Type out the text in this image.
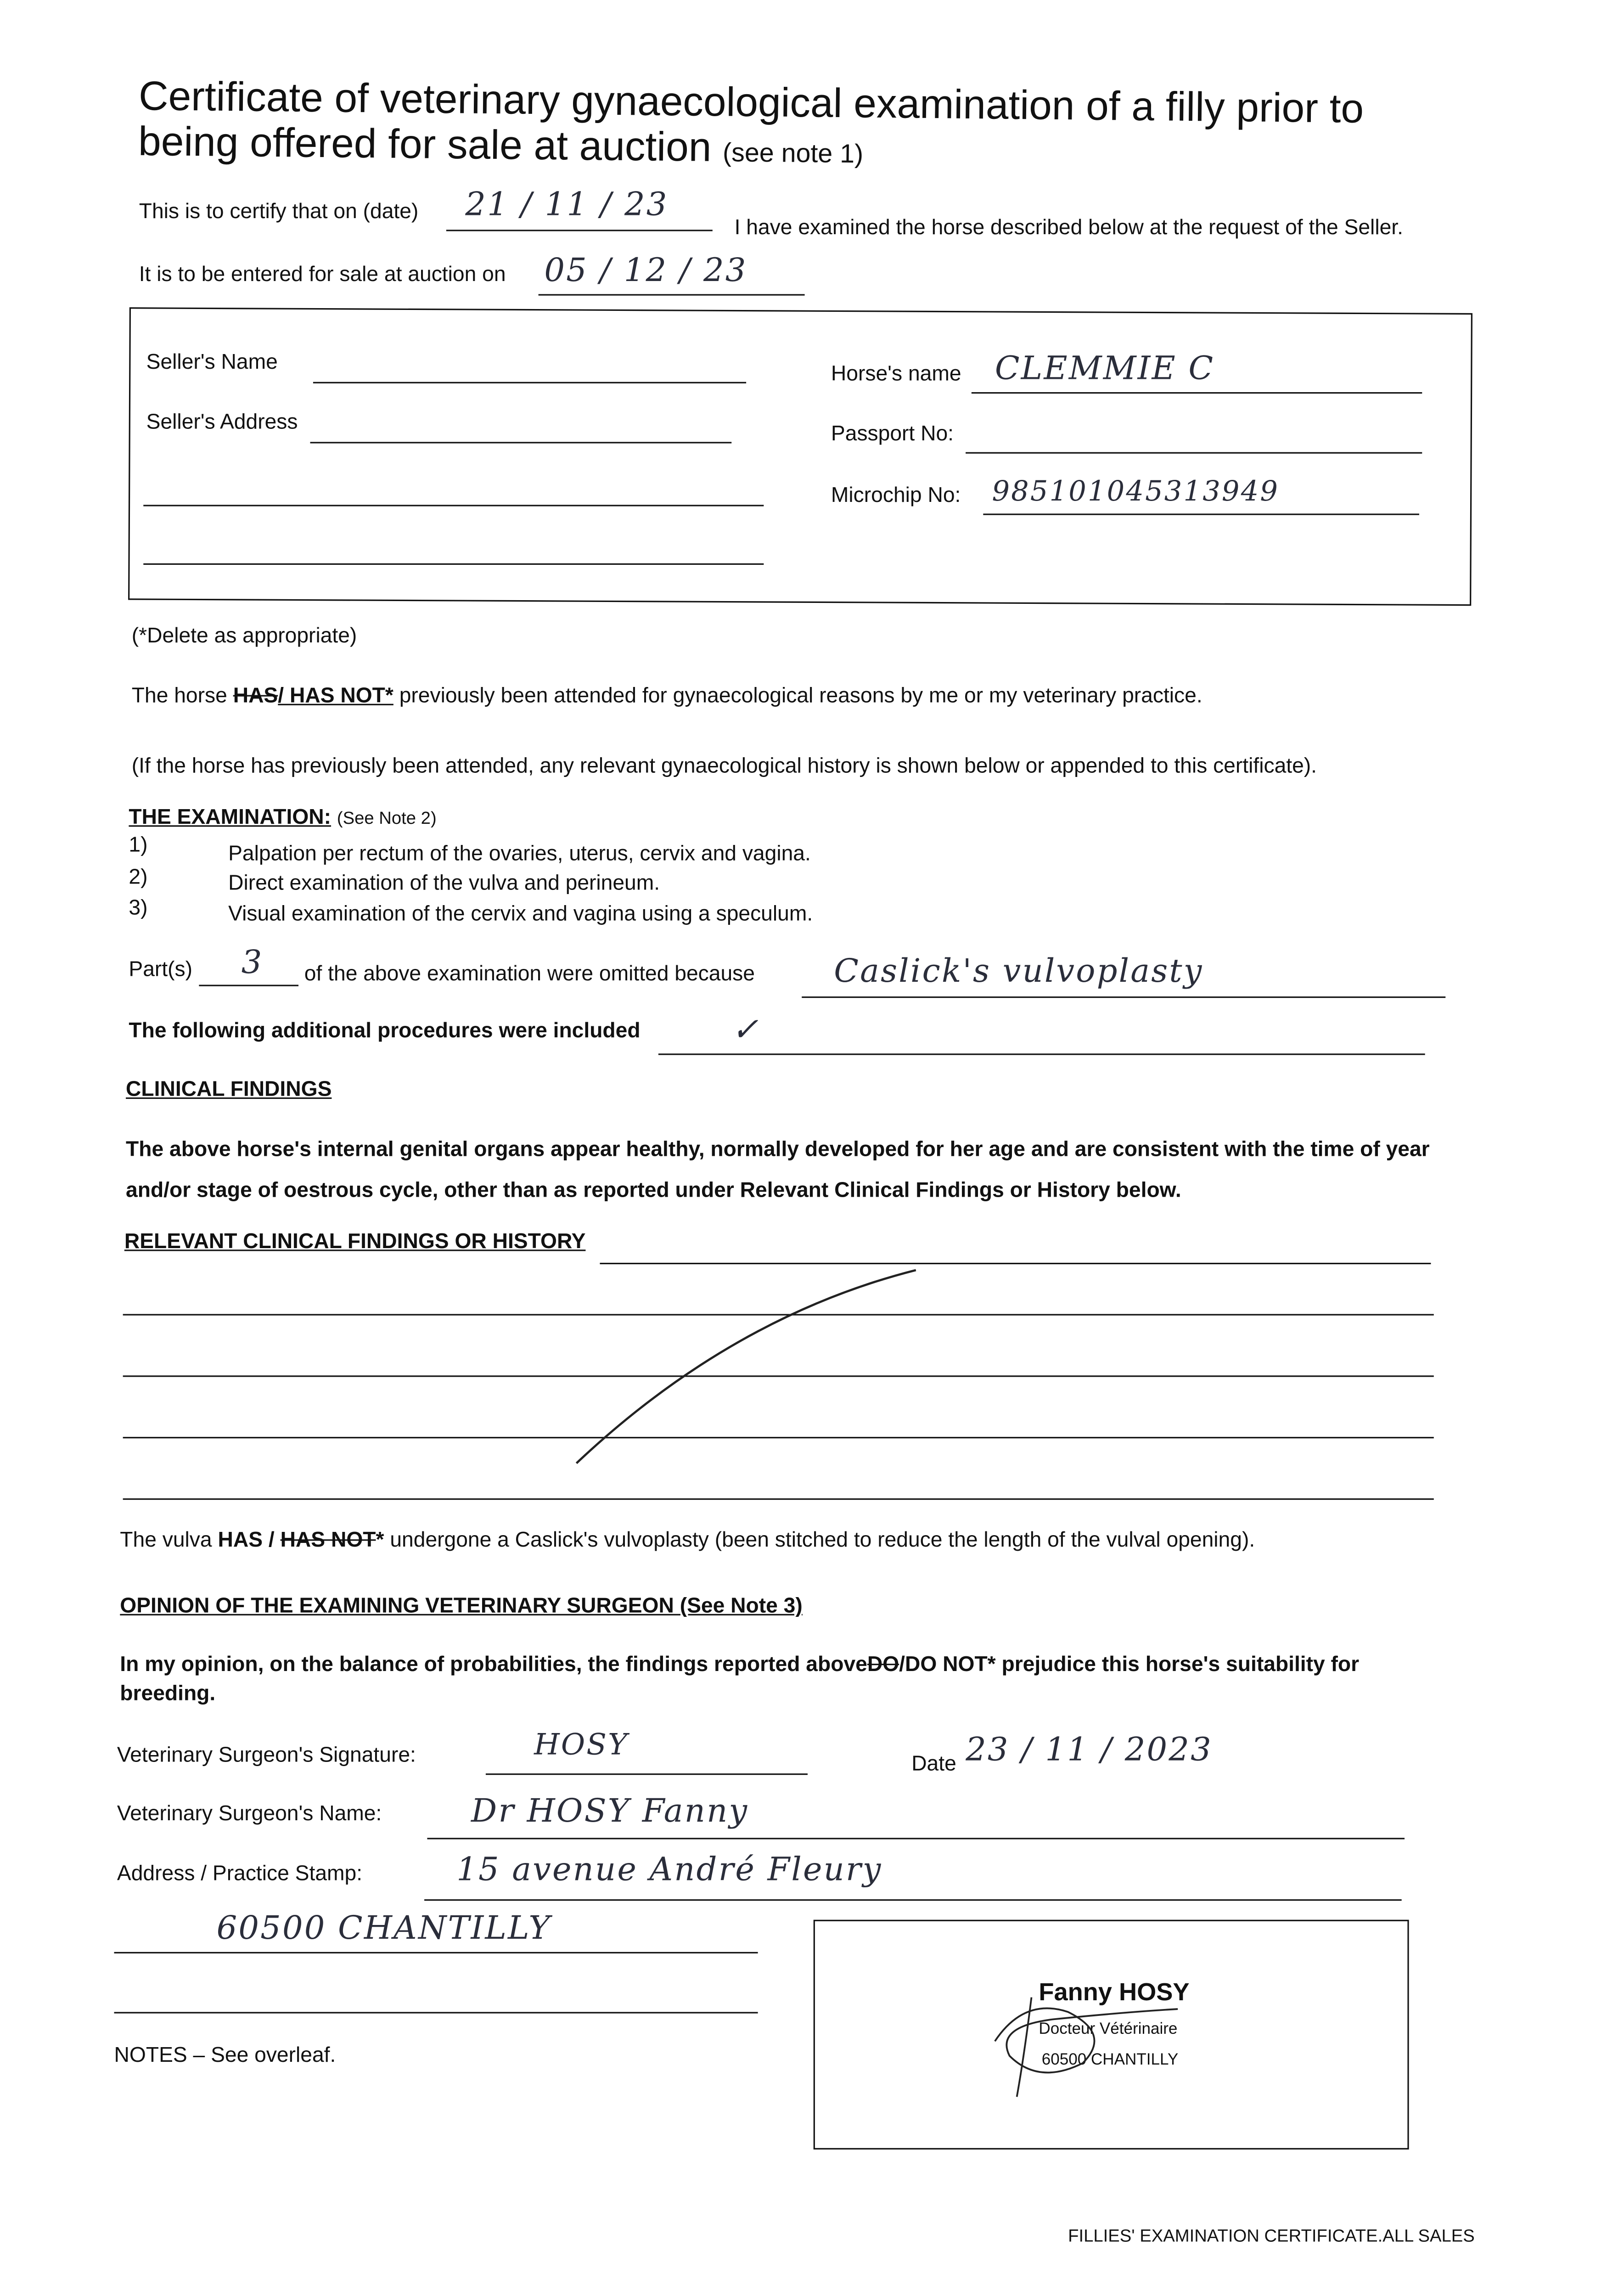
Certificate of veterinary gynaecological examination of a filly prior to
being offered for sale at auction (see note 1)
This is to certify that on (date)	21 / 11 / 23
I have examined the horse described below at the request of the Seller.
It is to be entered for sale at auction on	05 / 12 / 23
Seller's Name
Seller's Address
Horse's name	CLEMMIE C
Passport No:
Microchip No:	985101045313949
(*Delete as appropriate)
The horse HAS/ HAS NOT* previously been attended for gynaecological reasons by me or my veterinary practice.
(If the horse has previously been attended, any relevant gynaecological history is shown below or appended to this certificate).
THE EXAMINATION: (See Note 2)
1)	Palpation per rectum of the ovaries, uterus, cervix and vagina.
2)	Direct examination of the vulva and perineum.
3)	Visual examination of the cervix and vagina using a speculum.
Part(s)	3	of the above examination were omitted because	Caslick's vulvoplasty
The following additional procedures were included	✓
CLINICAL FINDINGS
The above horse's internal genital organs appear healthy, normally developed for her age and are consistent with the time of year
and/or stage of oestrous cycle, other than as reported under Relevant Clinical Findings or History below.
RELEVANT CLINICAL FINDINGS OR HISTORY
The vulva HAS / HAS NOT* undergone a Caslick's vulvoplasty (been stitched to reduce the length of the vulval opening).
OPINION OF THE EXAMINING VETERINARY SURGEON (See Note 3)
In my opinion, on the balance of probabilities, the findings reported aboveDO/DO NOT* prejudice this horse's suitability for
breeding.
Veterinary Surgeon's Signature:	HOSY
Date 23 / 11 / 2023
Veterinary Surgeon's Name:	Dr HOSY Fanny
Address / Practice Stamp:	15 avenue André Fleury
60500 CHANTILLY
NOTES – See overleaf.
Fanny HOSY
Docteur Vétérinaire
60500 CHANTILLY
FILLIES' EXAMINATION CERTIFICATE.ALL SALES
